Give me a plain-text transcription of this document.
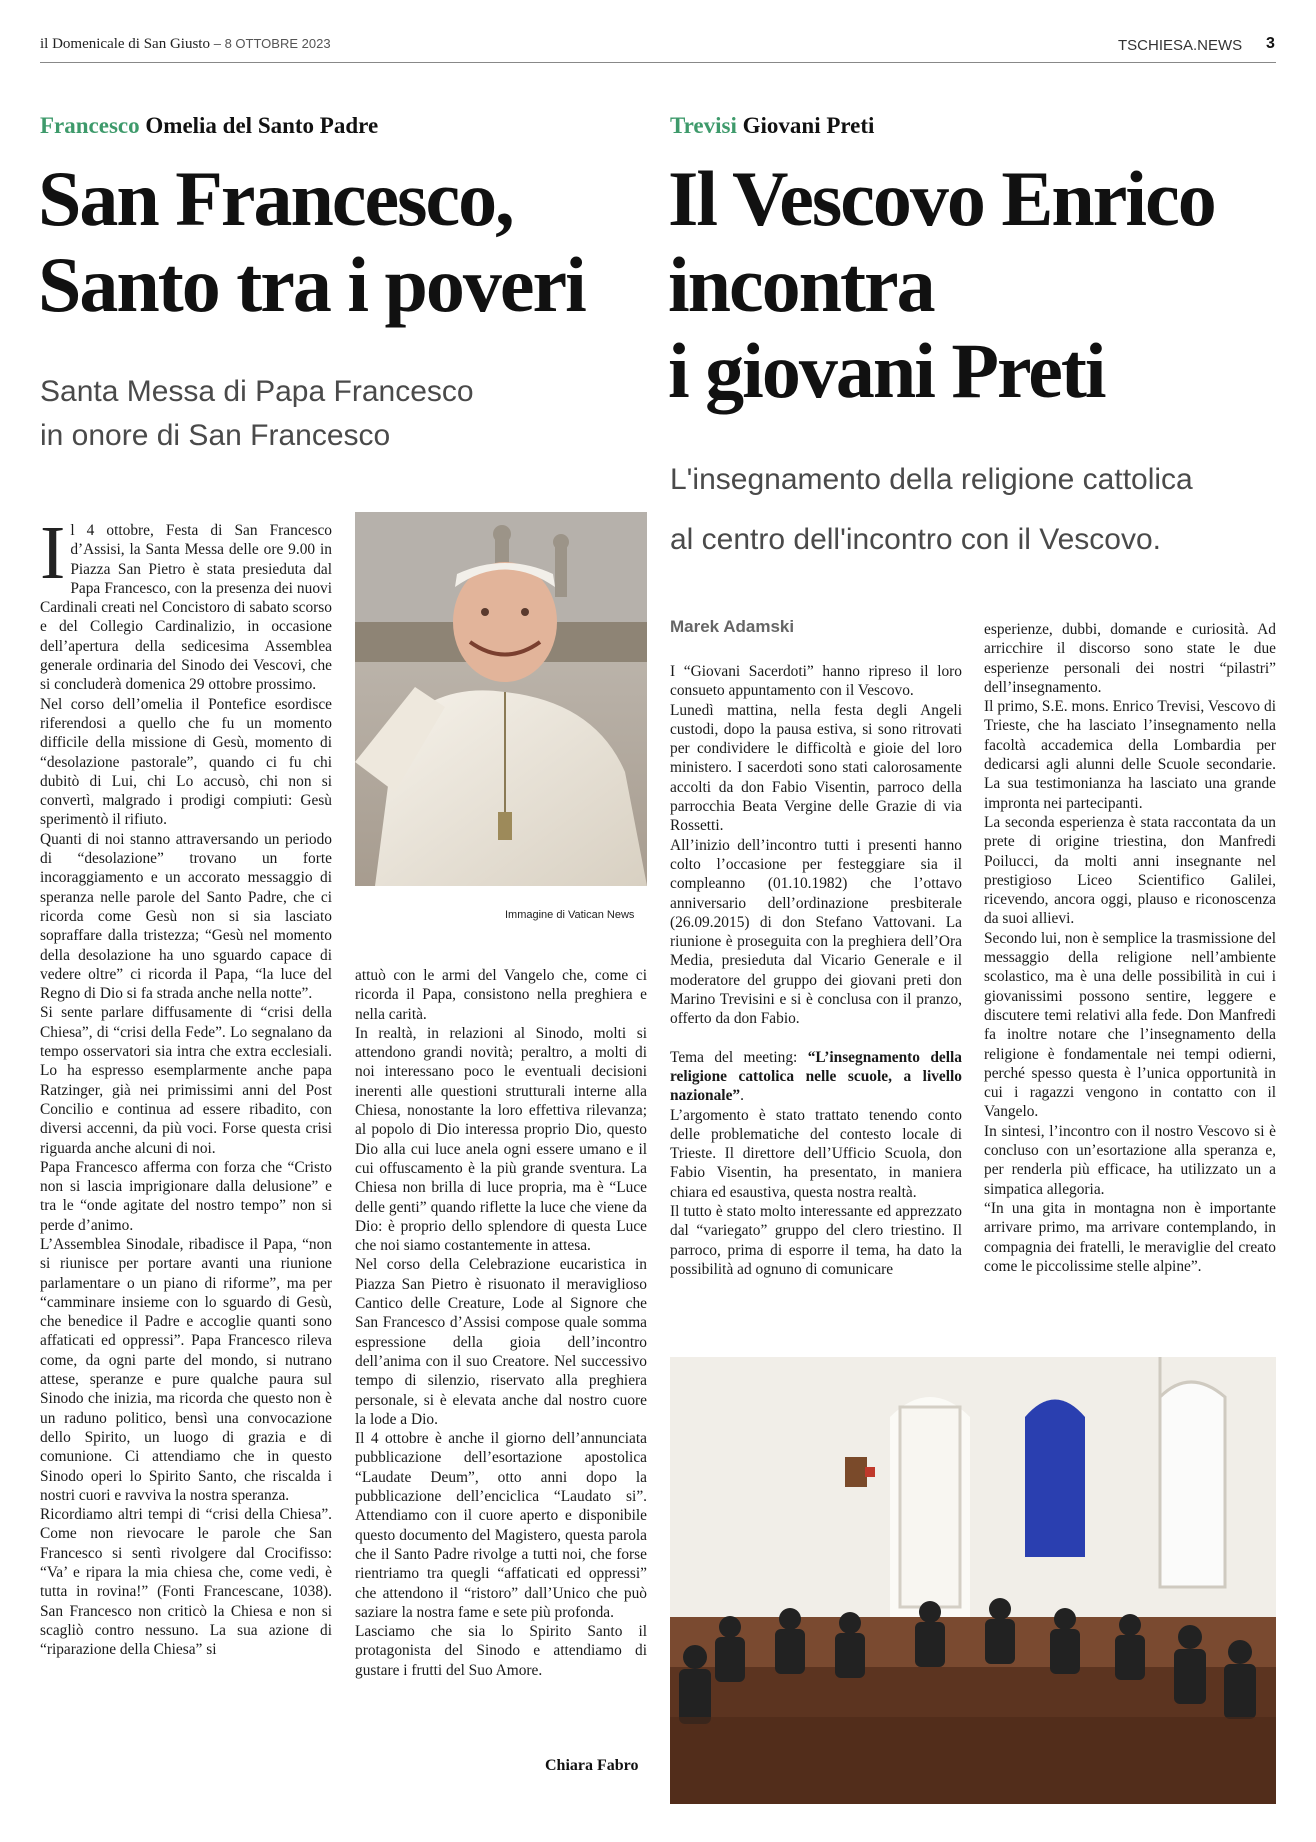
il Domenicale di San Giusto – 8 OTTOBRE 2023	TSCHIESA.NEWS 3
Francesco Omelia del Santo Padre
San Francesco,
Santo tra i poveri
Santa Messa di Papa Francesco
in onore di San Francesco

Il 4 ottobre, Festa di San Francesco d’Assisi, la Santa Messa delle ore 9.00 in Piazza San Pietro è stata presieduta dal Papa Francesco, con la presenza dei nuovi Cardinali creati nel Concistoro di sabato scorso e del Collegio Cardinalizio, in occasione dell’apertura della sedicesima Assemblea generale ordinaria del Sinodo dei Vescovi, che si concluderà domenica 29 ottobre prossimo.

Nel corso dell’omelia il Pontefice esordisce riferendosi a quello che fu un momento difficile della missione di Gesù, momento di “desolazione pastorale”, quando ci fu chi dubitò di Lui, chi Lo accusò, chi non si convertì, malgrado i prodigi compiuti: Gesù sperimentò il rifiuto.

Quanti di noi stanno attraversando un periodo di “desolazione” trovano un forte incoraggiamento e un accorato messaggio di speranza nelle parole del Santo Padre, che ci ricorda come Gesù non si sia lasciato sopraffare dalla tristezza; “Gesù nel momento della desolazione ha uno sguardo capace di vedere oltre” ci ricorda il Papa, “la luce del Regno di Dio si fa strada anche nella notte”.

Si sente parlare diffusamente di “crisi della Chiesa”, di “crisi della Fede”. Lo segnalano da tempo osservatori sia intra che extra ecclesiali. Lo ha espresso esemplarmente anche papa Ratzinger, già nei primissimi anni del Post Concilio e continua ad essere ribadito, con diversi accenni, da più voci. Forse questa crisi riguarda anche alcuni di noi.

Papa Francesco afferma con forza che “Cristo non si lascia imprigionare dalla delusione” e tra le “onde agitate del nostro tempo” non si perde d’animo.

L’Assemblea Sinodale, ribadisce il Papa, “non si riunisce per portare avanti una riunione parlamentare o un piano di riforme”, ma per “camminare insieme con lo sguardo di Gesù, che benedice il Padre e accoglie quanti sono affaticati ed oppressi”. Papa Francesco rileva come, da ogni parte del mondo, si nutrano attese, speranze e pure qualche paura sul Sinodo che inizia, ma ricorda che questo non è un raduno politico, bensì una convocazione dello Spirito, un luogo di grazia e di comunione. Ci attendiamo che in questo Sinodo operi lo Spirito Santo, che riscalda i nostri cuori e ravviva la nostra speranza.

Ricordiamo altri tempi di “crisi della Chiesa”. Come non rievocare le parole che San Francesco si sentì rivolgere dal Crocifisso: “Va’ e ripara la mia chiesa che, come vedi, è tutta in rovina!” (Fonti Francescane, 1038). San Francesco non criticò la Chiesa e non si scagliò contro nessuno. La sua azione di “riparazione della Chiesa” si

Immagine di Vatican News

attuò con le armi del Vangelo che, come ci ricorda il Papa, consistono nella preghiera e nella carità.

In realtà, in relazioni al Sinodo, molti si attendono grandi novità; peraltro, a molti di noi interessano poco le eventuali decisioni inerenti alle questioni strutturali interne alla Chiesa, nonostante la loro effettiva rilevanza; al popolo di Dio interessa proprio Dio, questo Dio alla cui luce anela ogni essere umano e il cui offuscamento è la più grande sventura. La Chiesa non brilla di luce propria, ma è “Luce delle genti” quando riflette la luce che viene da Dio: è proprio dello splendore di questa Luce che noi siamo costantemente in attesa.

Nel corso della Celebrazione eucaristica in Piazza San Pietro è risuonato il meraviglioso Cantico delle Creature, Lode al Signore che San Francesco d’Assisi compose quale somma espressione della gioia dell’incontro dell’anima con il suo Creatore. Nel successivo tempo di silenzio, riservato alla preghiera personale, si è elevata anche dal nostro cuore la lode a Dio.

Il 4 ottobre è anche il giorno dell’annunciata pubblicazione dell’esortazione apostolica “Laudate Deum”, otto anni dopo la pubblicazione dell’enciclica “Laudato si”. Attendiamo con il cuore aperto e disponibile questo documento del Magistero, questa parola che il Santo Padre rivolge a tutti noi, che forse rientriamo tra quegli “affaticati ed oppressi” che attendono il “ristoro” dall’Unico che può saziare la nostra fame e sete più profonda.

Lasciamo che sia lo Spirito Santo il protagonista del Sinodo e attendiamo di gustare i frutti del Suo Amore.

Chiara Fabro
Trevisi Giovani Preti
Il Vescovo Enrico
incontra
i giovani Preti
L'insegnamento della religione cattolica
al centro dell'incontro con il Vescovo.
Marek Adamski

I “Giovani Sacerdoti” hanno ripreso il loro consueto appuntamento con il Vescovo.

Lunedì mattina, nella festa degli Angeli custodi, dopo la pausa estiva, si sono ritrovati per condividere le difficoltà e gioie del loro ministero. I sacerdoti sono stati calorosamente accolti da don Fabio Visentin, parroco della parrocchia Beata Vergine delle Grazie di via Rossetti.

All’inizio dell’incontro tutti i presenti hanno colto l’occasione per festeggiare sia il compleanno (01.10.1982) che l’ottavo anniversario dell’ordinazione presbiterale (26.09.2015) di don Stefano Vattovani. La riunione è proseguita con la preghiera dell’Ora Media, presieduta dal Vicario Generale e il moderatore del gruppo dei giovani preti don Marino Trevisini e si è conclusa con il pranzo, offerto da don Fabio.

Tema del meeting: “L’insegnamento della religione cattolica nelle scuole, a livello nazionale”.

L’argomento è stato trattato tenendo conto delle problematiche del contesto locale di Trieste. Il direttore dell’Ufficio Scuola, don Fabio Visentin, ha presentato, in maniera chiara ed esaustiva, questa nostra realtà.

Il tutto è stato molto interessante ed apprezzato dal “variegato” gruppo del clero triestino. Il parroco, prima di esporre il tema, ha dato la possibilità ad ognuno di comunicare

esperienze, dubbi, domande e curiosità. Ad arricchire il discorso sono state le due esperienze personali dei nostri “pilastri” dell’insegnamento.

Il primo, S.E. mons. Enrico Trevisi, Vescovo di Trieste, che ha lasciato l’insegnamento nella facoltà accademica della Lombardia per dedicarsi agli alunni delle Scuole secondarie. La sua testimonianza ha lasciato una grande impronta nei partecipanti.

La seconda esperienza è stata raccontata da un prete di origine triestina, don Manfredi Poilucci, da molti anni insegnante nel prestigioso Liceo Scientifico Galilei, ricevendo, ancora oggi, plauso e riconoscenza da suoi allievi.

Secondo lui, non è semplice la trasmissione del messaggio della religione nell’ambiente scolastico, ma è una delle possibilità in cui i giovanissimi possono sentire, leggere e discutere temi relativi alla fede. Don Manfredi fa inoltre notare che l’insegnamento della religione è fondamentale nei tempi odierni, perché spesso questa è l’unica opportunità in cui i ragazzi vengono in contatto con il Vangelo.

In sintesi, l’incontro con il nostro Vescovo si è concluso con un’esortazione alla speranza e, per renderla più efficace, ha utilizzato un a simpatica allegoria.

“In una gita in montagna non è importante arrivare primo, ma arrivare contemplando, in compagnia dei fratelli, le meraviglie del creato come le piccolissime stelle alpine”.
